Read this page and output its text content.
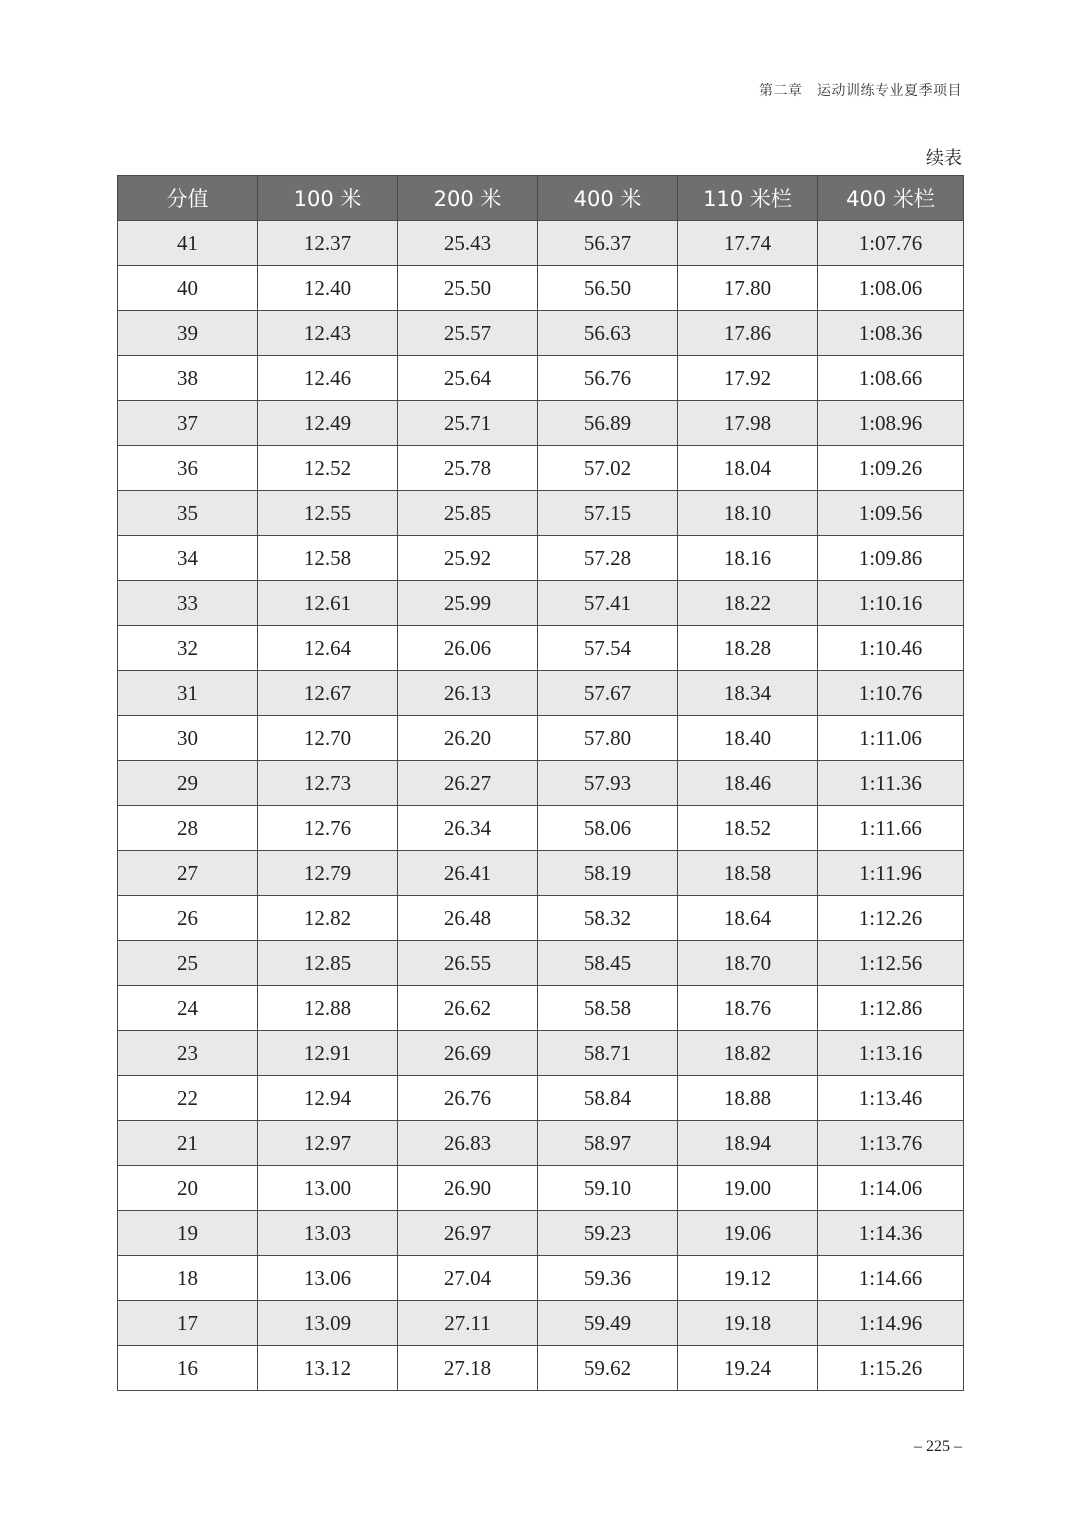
第二章　运动训练专业夏季项目
续表
分值	100 米	200 米	400 米	110 米栏	400 米栏
41	12.37	25.43	56.37	17.74	1:07.76
40	12.40	25.50	56.50	17.80	1:08.06
39	12.43	25.57	56.63	17.86	1:08.36
38	12.46	25.64	56.76	17.92	1:08.66
37	12.49	25.71	56.89	17.98	1:08.96
36	12.52	25.78	57.02	18.04	1:09.26
35	12.55	25.85	57.15	18.10	1:09.56
34	12.58	25.92	57.28	18.16	1:09.86
33	12.61	25.99	57.41	18.22	1:10.16
32	12.64	26.06	57.54	18.28	1:10.46
31	12.67	26.13	57.67	18.34	1:10.76
30	12.70	26.20	57.80	18.40	1:11.06
29	12.73	26.27	57.93	18.46	1:11.36
28	12.76	26.34	58.06	18.52	1:11.66
27	12.79	26.41	58.19	18.58	1:11.96
26	12.82	26.48	58.32	18.64	1:12.26
25	12.85	26.55	58.45	18.70	1:12.56
24	12.88	26.62	58.58	18.76	1:12.86
23	12.91	26.69	58.71	18.82	1:13.16
22	12.94	26.76	58.84	18.88	1:13.46
21	12.97	26.83	58.97	18.94	1:13.76
20	13.00	26.90	59.10	19.00	1:14.06
19	13.03	26.97	59.23	19.06	1:14.36
18	13.06	27.04	59.36	19.12	1:14.66
17	13.09	27.11	59.49	19.18	1:14.96
16	13.12	27.18	59.62	19.24	1:15.26
– 225 –
